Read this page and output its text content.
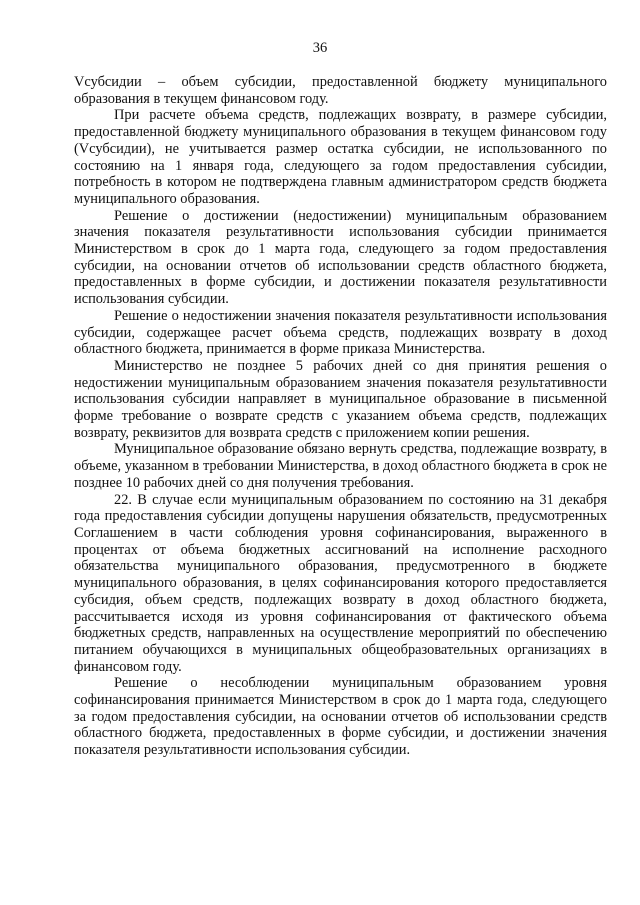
36

Vсубсидии – объем субсидии, предоставленной бюджету муниципального образования в текущем финансовом году.

При расчете объема средств, подлежащих возврату, в размере субсидии, предоставленной бюджету муниципального образования в текущем финансовом году (Vсубсидии), не учитывается размер остатка субсидии, не использованного по состоянию на 1 января года, следующего за годом предоставления субсидии, потребность в котором не подтверждена главным администратором средств бюджета муниципального образования.

Решение о достижении (недостижении) муниципальным образованием значения показателя результативности использования субсидии принимается Министерством в срок до 1 марта года, следующего за годом предоставления субсидии, на основании отчетов об использовании средств областного бюджета, предоставленных в форме субсидии, и достижении показателя результативности использования субсидии.

Решение о недостижении значения показателя результативности использования субсидии, содержащее расчет объема средств, подлежащих возврату в доход областного бюджета, принимается в форме приказа Министерства.

Министерство не позднее 5 рабочих дней со дня принятия решения о недостижении муниципальным образованием значения показателя результативности использования субсидии направляет в муниципальное образование в письменной форме требование о возврате средств с указанием объема средств, подлежащих возврату, реквизитов для возврата средств с приложением копии решения.

Муниципальное образование обязано вернуть средства, подлежащие возврату, в объеме, указанном в требовании Министерства, в доход областного бюджета в срок не позднее 10 рабочих дней со дня получения требования.

22. В случае если муниципальным образованием по состоянию на 31 декабря года предоставления субсидии допущены нарушения обязательств, предусмотренных Соглашением в части соблюдения уровня софинансирования, выраженного в процентах от объема бюджетных ассигнований на исполнение расходного обязательства муниципального образования, предусмотренного в бюджете муниципального образования, в целях софинансирования которого предоставляется субсидия, объем средств, подлежащих возврату в доход областного бюджета, рассчитывается исходя из уровня софинансирования от фактического объема бюджетных средств, направленных на осуществление мероприятий по обеспечению питанием обучающихся в муниципальных общеобразовательных организациях в финансовом году.

Решение о несоблюдении муниципальным образованием уровня софинансирования принимается Министерством в срок до 1 марта года, следующего за годом предоставления субсидии, на основании отчетов об использовании средств областного бюджета, предоставленных в форме субсидии, и достижении значения показателя результативности использования субсидии.
